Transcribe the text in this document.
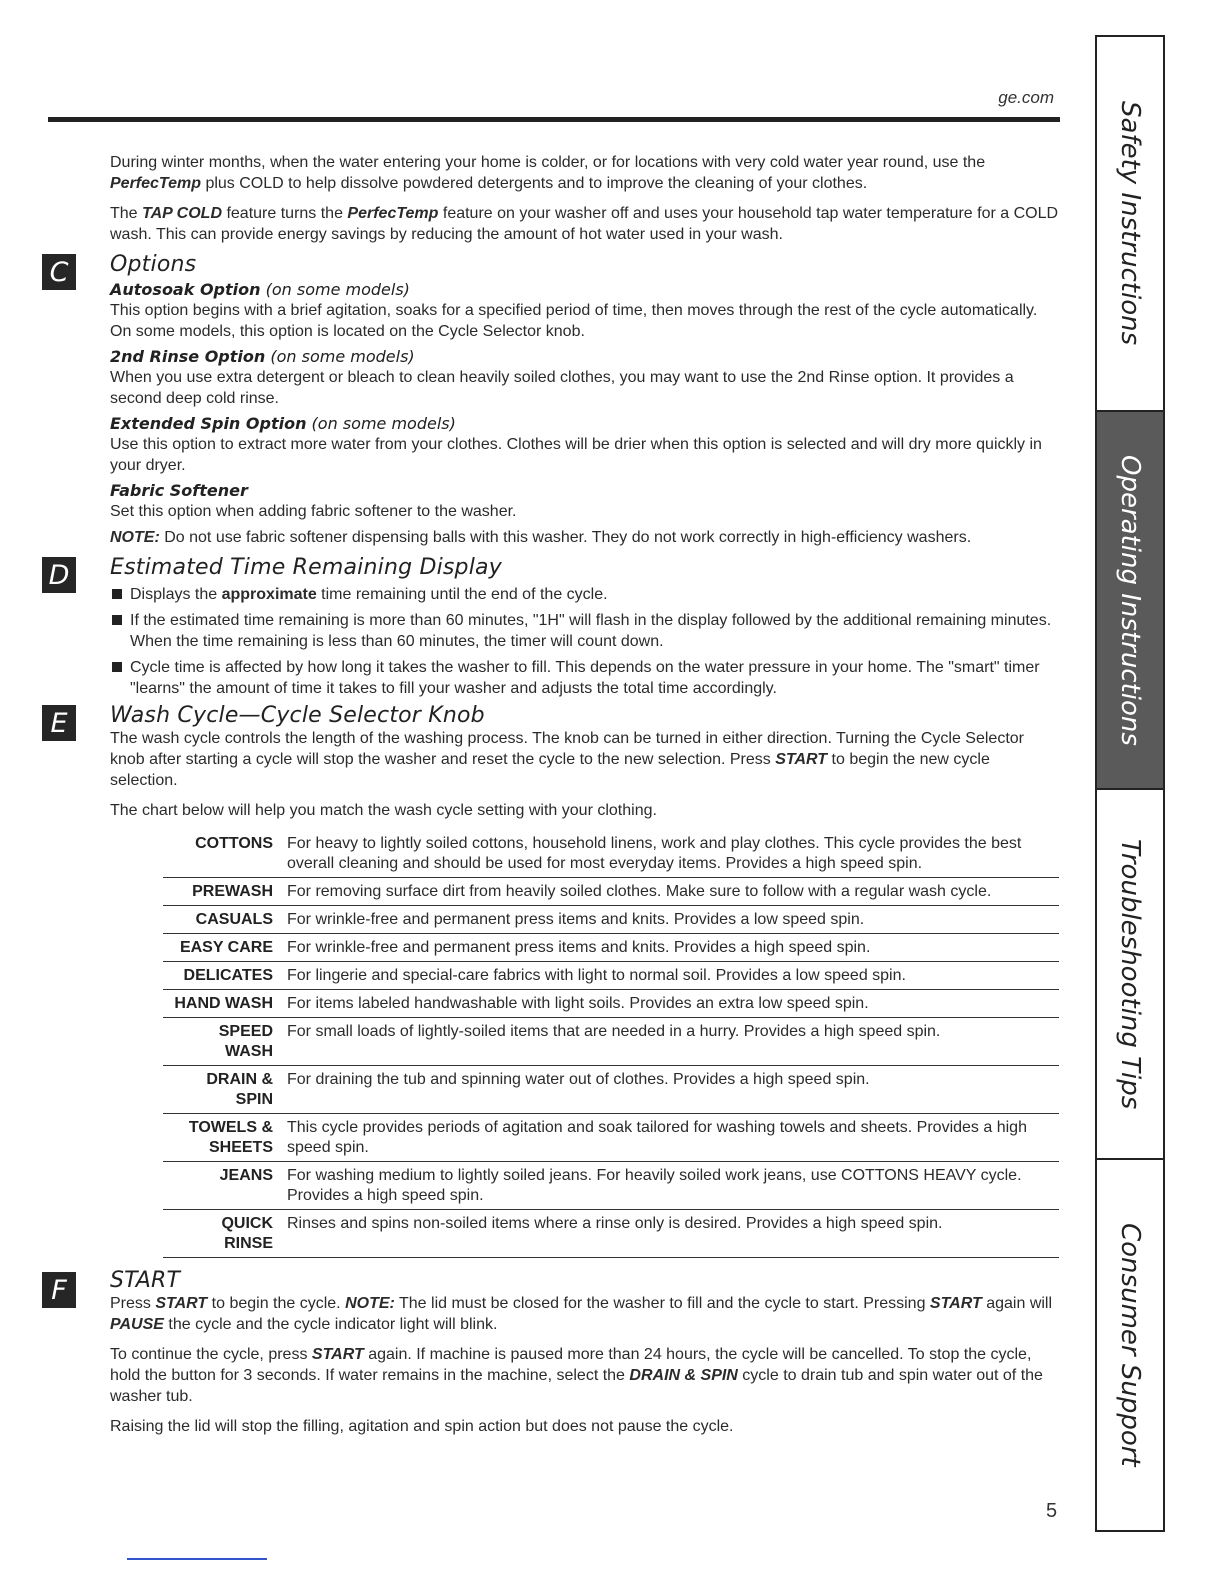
ge.com

During winter months, when the water entering your home is colder, or for locations with very cold water year round, use the PerfecTemp plus COLD to help dissolve powdered detergents and to improve the cleaning of your clothes.

The TAP COLD feature turns the PerfecTemp feature on your washer off and uses your household tap water temperature for a COLD wash. This can provide energy savings by reducing the amount of hot water used in your wash.

C	Options
Autosoak Option (on some models)

This option begins with a brief agitation, soaks for a specified period of time, then moves through the rest of the cycle automatically. On some models, this option is located on the Cycle Selector knob.

2nd Rinse Option (on some models)

When you use extra detergent or bleach to clean heavily soiled clothes, you may want to use the 2nd Rinse option. It provides a second deep cold rinse.

Extended Spin Option (on some models)

Use this option to extract more water from your clothes. Clothes will be drier when this option is selected and will dry more quickly in your dryer.

Fabric Softener

Set this option when adding fabric softener to the washer.

NOTE: Do not use fabric softener dispensing balls with this washer. They do not work correctly in high-efficiency washers.

D	Estimated Time Remaining Display
Displays the approximate time remaining until the end of the cycle.
If the estimated time remaining is more than 60 minutes, "1H" will flash in the display followed by the additional remaining minutes. When the time remaining is less than 60 minutes, the timer will count down.
Cycle time is affected by how long it takes the washer to fill. This depends on the water pressure in your home. The "smart" timer "learns" the amount of time it takes to fill your washer and adjusts the total time accordingly.
E	Wash Cycle—Cycle Selector Knob

The wash cycle controls the length of the washing process. The knob can be turned in either direction. Turning the Cycle Selector knob after starting a cycle will stop the washer and reset the cycle to the new selection. Press START to begin the new cycle selection.

The chart below will help you match the wash cycle setting with your clothing.

COTTONS	For heavy to lightly soiled cottons, household linens, work and play clothes. This cycle provides the best overall cleaning and should be used for most everyday items. Provides a high speed spin.
PREWASH	For removing surface dirt from heavily soiled clothes. Make sure to follow with a regular wash cycle.
CASUALS	For wrinkle-free and permanent press items and knits. Provides a low speed spin.
EASY CARE	For wrinkle-free and permanent press items and knits. Provides a high speed spin.
DELICATES	For lingerie and special-care fabrics with light to normal soil. Provides a low speed spin.
HAND WASH	For items labeled handwashable with light soils. Provides an extra low speed spin.
SPEED WASH	For small loads of lightly-soiled items that are needed in a hurry. Provides a high speed spin.
DRAIN & SPIN	For draining the tub and spinning water out of clothes. Provides a high speed spin.
TOWELS & SHEETS	This cycle provides periods of agitation and soak tailored for washing towels and sheets. Provides a high speed spin.
JEANS	For washing medium to lightly soiled jeans. For heavily soiled work jeans, use COTTONS HEAVY cycle. Provides a high speed spin.
QUICK RINSE	Rinses and spins non-soiled items where a rinse only is desired. Provides a high speed spin.
F	START

Press START to begin the cycle. NOTE: The lid must be closed for the washer to fill and the cycle to start. Pressing START again will PAUSE the cycle and the cycle indicator light will blink.

To continue the cycle, press START again. If machine is paused more than 24 hours, the cycle will be cancelled. To stop the cycle, hold the button for 3 seconds. If water remains in the machine, select the DRAIN & SPIN cycle to drain tub and spin water out of the washer tub.

Raising the lid will stop the filling, agitation and spin action but does not pause the cycle.

Safety Instructions
Operating Instructions
Troubleshooting Tips
Consumer Support
5
